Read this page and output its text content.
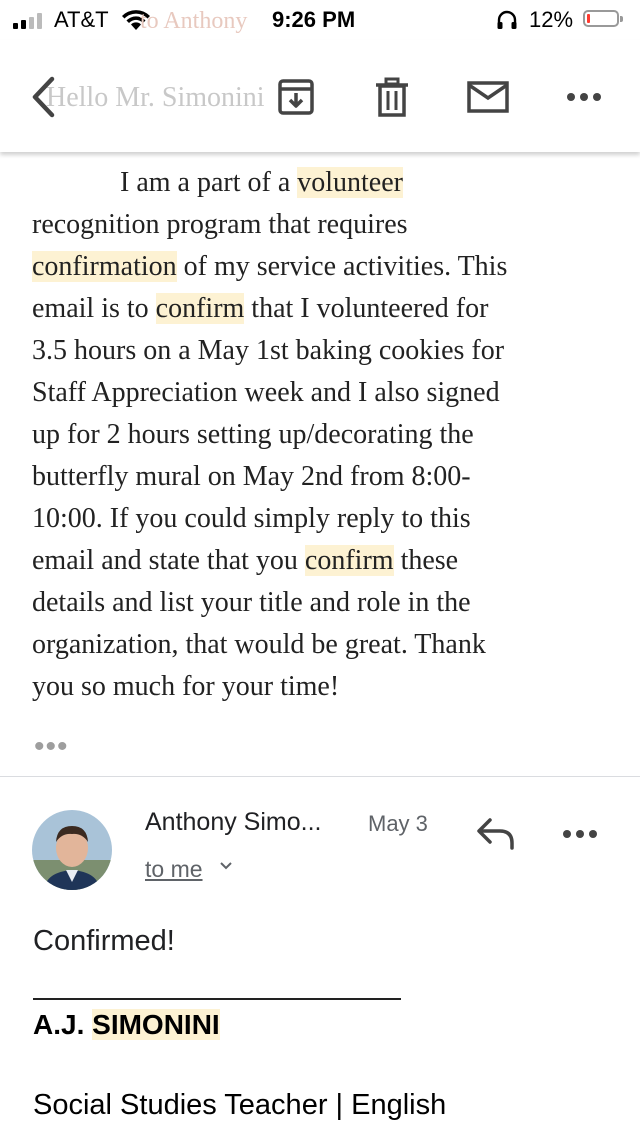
AT&T	9:26 PM	12%
to Anthony
Hello Mr. Simonini
I am a part of a volunteer
recognition program that requires
confirmation of my service activities. This
email is to confirm that I volunteered for
3.5 hours on a May 1st baking cookies for
Staff Appreciation week and I also signed
up for 2 hours setting up/decorating the
butterfly mural on May 2nd from 8:00-
10:00. If you could simply reply to this
email and state that you confirm these
details and list your title and role in the
organization, that would be great. Thank
you so much for your time!
•••
Anthony Simo... May 3
to me
Confirmed!
A.J. SIMONINI
Social Studies Teacher | English
